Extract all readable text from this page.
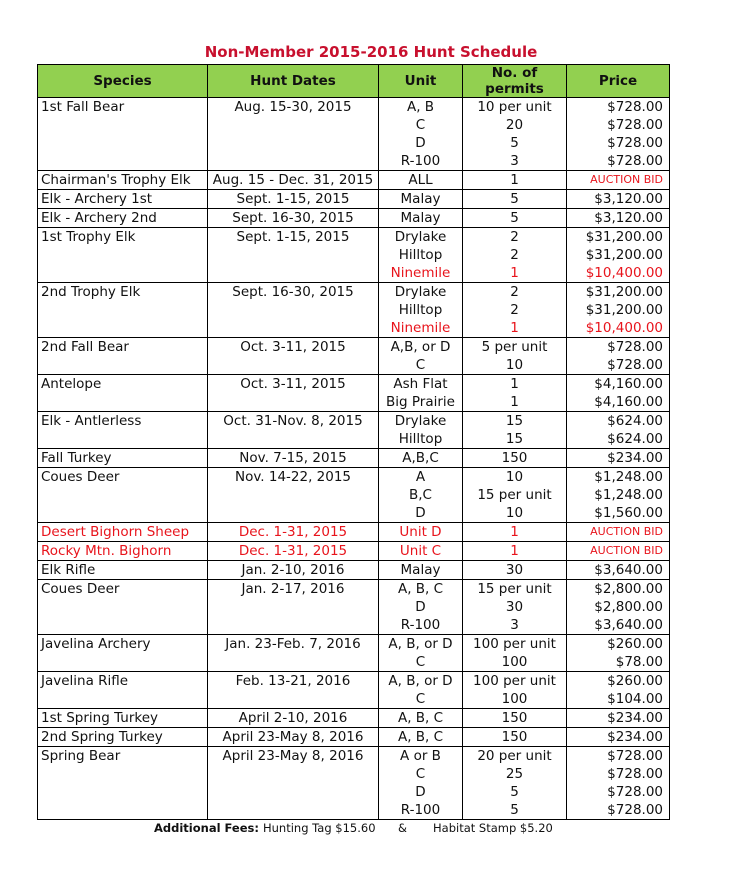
Non-Member 2015-2016 Hunt Schedule
Species	Hunt Dates	Unit	No. of permits	Price
1st Fall Bear	Aug. 15-30, 2015	A, B	10 per unit	$728.00
		C	20	$728.00
		D	5	$728.00
		R-100	3	$728.00
Chairman's Trophy Elk	Aug. 15 - Dec. 31, 2015	ALL	1	AUCTION BID
Elk - Archery 1st	Sept. 1-15, 2015	Malay	5	$3,120.00
Elk - Archery 2nd	Sept. 16-30, 2015	Malay	5	$3,120.00
1st Trophy Elk	Sept. 1-15, 2015	Drylake	2	$31,200.00
		Hilltop	2	$31,200.00
		Ninemile	1	$10,400.00
2nd Trophy Elk	Sept. 16-30, 2015	Drylake	2	$31,200.00
		Hilltop	2	$31,200.00
		Ninemile	1	$10,400.00
2nd Fall Bear	Oct. 3-11, 2015	A,B, or D	5 per unit	$728.00
		C	10	$728.00
Antelope	Oct. 3-11, 2015	Ash Flat	1	$4,160.00
		Big Prairie	1	$4,160.00
Elk - Antlerless	Oct. 31-Nov. 8, 2015	Drylake	15	$624.00
		Hilltop	15	$624.00
Fall Turkey	Nov. 7-15, 2015	A,B,C	150	$234.00
Coues Deer	Nov. 14-22, 2015	A	10	$1,248.00
		B,C	15 per unit	$1,248.00
		D	10	$1,560.00
Desert Bighorn Sheep	Dec. 1-31, 2015	Unit D	1	AUCTION BID
Rocky Mtn. Bighorn	Dec. 1-31, 2015	Unit C	1	AUCTION BID
Elk Rifle	Jan. 2-10, 2016	Malay	30	$3,640.00
Coues Deer	Jan. 2-17, 2016	A, B, C	15 per unit	$2,800.00
		D	30	$2,800.00
		R-100	3	$3,640.00
Javelina Archery	Jan. 23-Feb. 7, 2016	A, B, or D	100 per unit	$260.00
		C	100	$78.00
Javelina Rifle	Feb. 13-21, 2016	A, B, or D	100 per unit	$260.00
		C	100	$104.00
1st Spring Turkey	April 2-10, 2016	A, B, C	150	$234.00
2nd Spring Turkey	April 23-May 8, 2016	A, B, C	150	$234.00
Spring Bear	April 23-May 8, 2016	A or B	20 per unit	$728.00
		C	25	$728.00
		D	5	$728.00
		R-100	5	$728.00
Additional Fees: Hunting Tag $15.60 & Habitat Stamp $5.20
